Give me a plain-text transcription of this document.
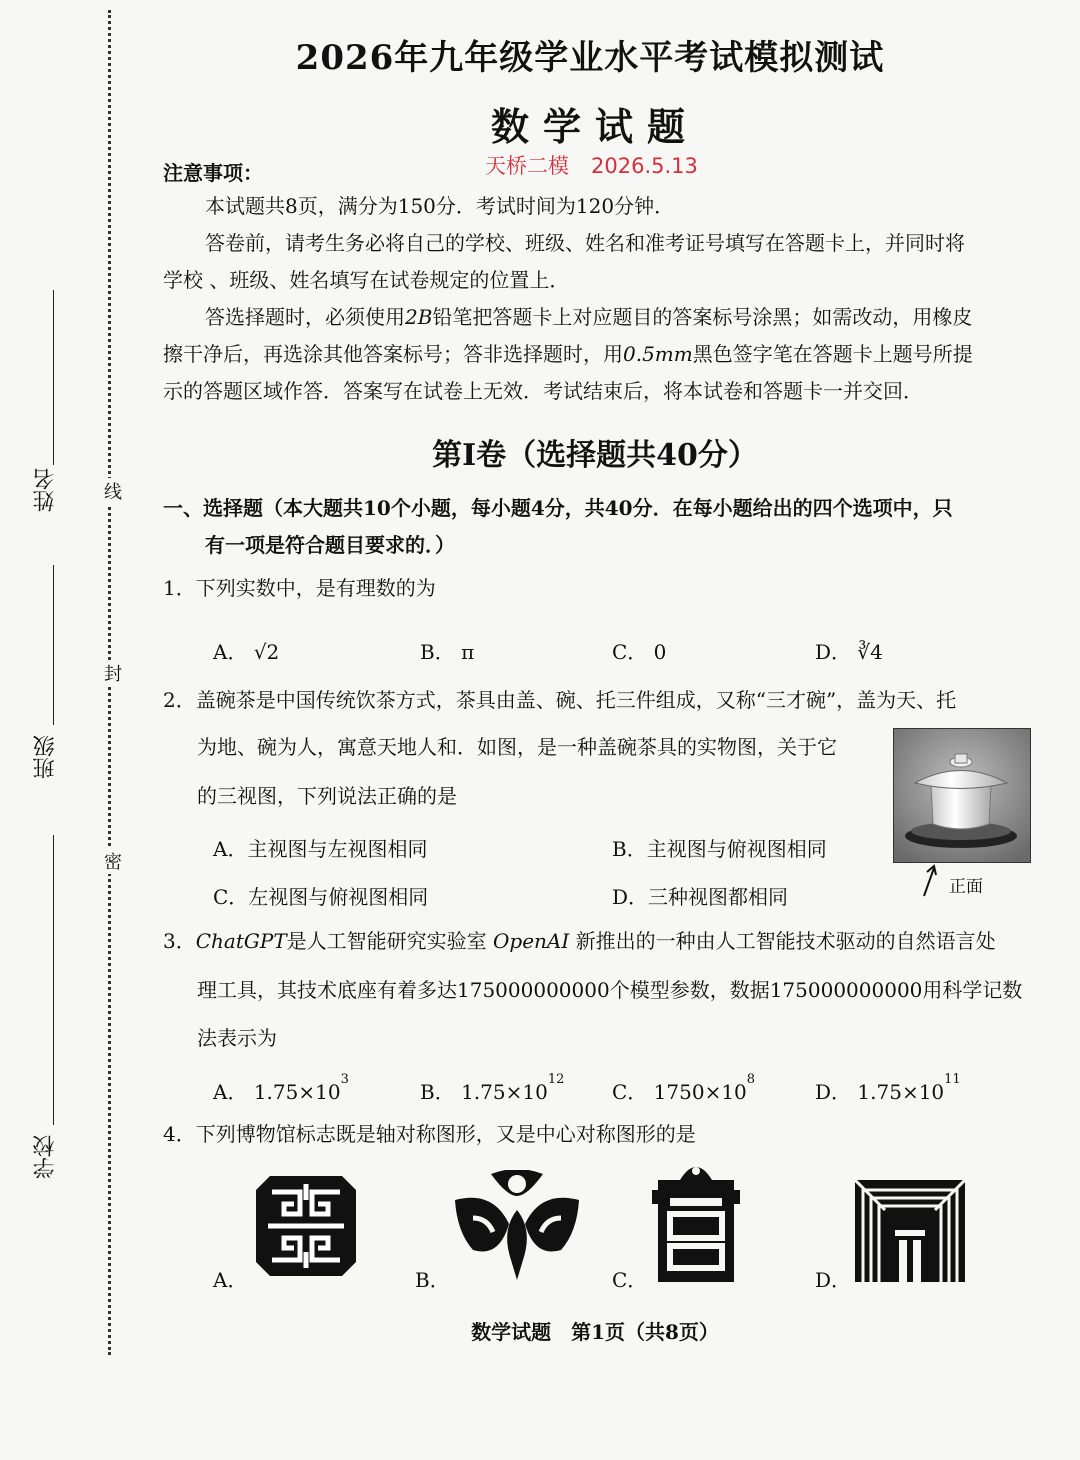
线
封
密
姓名
班级
学校
2026年九年级学业水平考试模拟测试
数学试题
天桥二模 2026.5.13
注意事项：
本试题共8页，满分为150分．考试时间为120分钟．
答卷前，请考生务必将自己的学校、班级、姓名和准考证号填写在答题卡上，并同时将
学校 、班级、姓名填写在试卷规定的位置上．
答选择题时，必须使用2B铅笔把答题卡上对应题目的答案标号涂黑；如需改动，用橡皮
擦干净后，再选涂其他答案标号；答非选择题时，用0.5mm黑色签字笔在答题卡上题号所提
示的答题区域作答．答案写在试卷上无效．考试结束后，将本试卷和答题卡一并交回．
第Ⅰ卷（选择题共40分）
一、选择题（本大题共10个小题，每小题4分，共40分．在每小题给出的四个选项中，只
有一项是符合题目要求的．）
1．下列实数中，是有理数的为
A． √2	B． π	C． 0	D． ∛4
2．盖碗茶是中国传统饮茶方式，茶具由盖、碗、托三件组成，又称“三才碗”，盖为天、托
为地、碗为人，寓意天地人和．如图，是一种盖碗茶具的实物图，关于它
的三视图，下列说法正确的是
A．主视图与左视图相同	B．主视图与俯视图相同
C．左视图与俯视图相同	D．三种视图都相同	正面
3．ChatGPT是人工智能研究实验室 OpenAI 新推出的一种由人工智能技术驱动的自然语言处
理工具，其技术底座有着多达175000000000个模型参数，数据175000000000用科学记数
法表示为
A． $1.75\times 10^3$
B． $1.75\times 10^{12}$
C． $1750\times 10^8$
D． $1.75\times 10^{11}$
4．下列博物馆标志既是轴对称图形，又是中心对称图形的是
A．	B．	C．	D．
数学试题　第1页（共8页）
